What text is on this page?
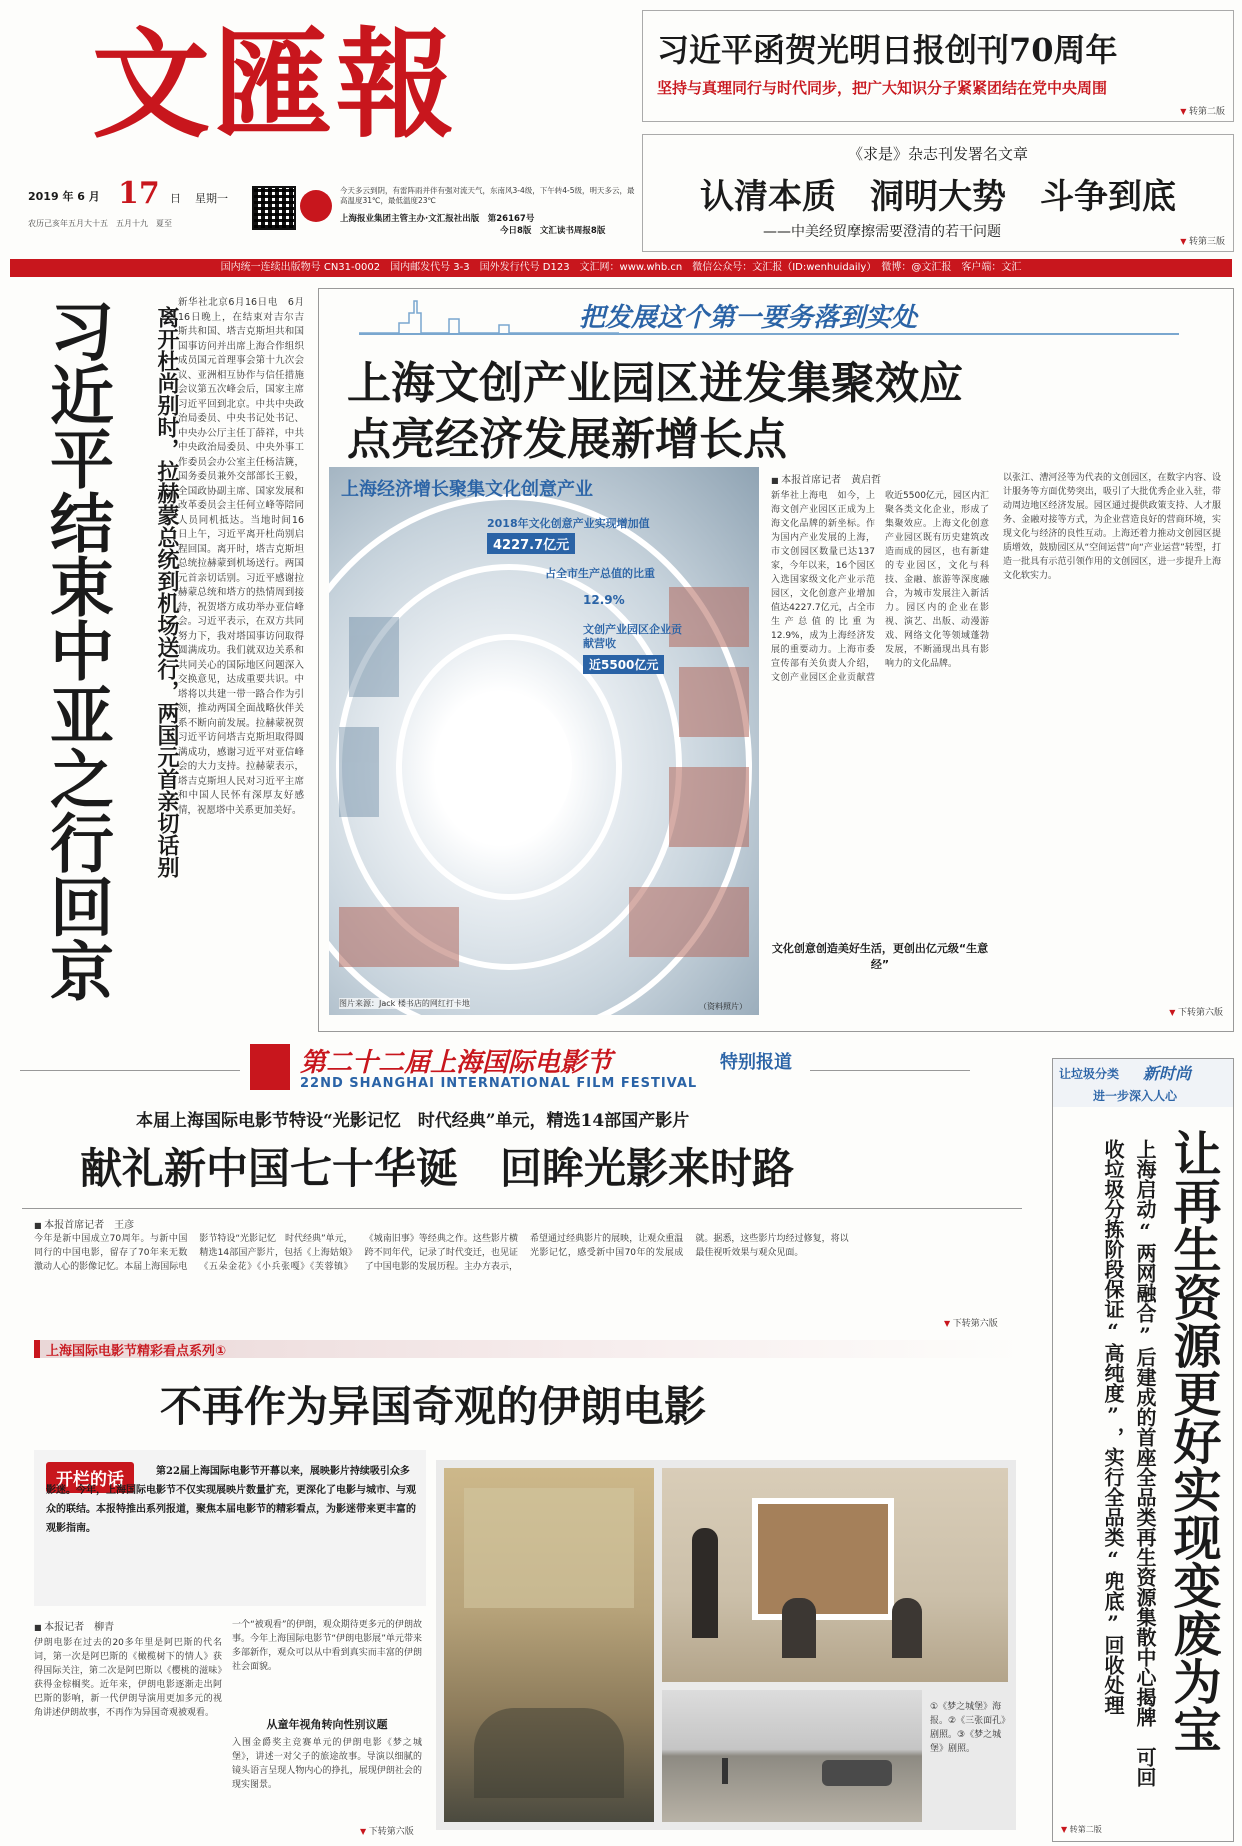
文匯報
2019 年 6 月 17 日 星期一
农历己亥年五月大十五　五月十九　夏至
今天多云到阴，有雷阵雨并伴有强对流天气，东南风3-4级，下午转4-5级，明天多云，最高温度31℃，最低温度23℃
上海报业集团主管主办·文汇报社出版　 第26167号
今日8版　文汇读书周报8版
习近平函贺光明日报创刊70周年
坚持与真理同行与时代同步，把广大知识分子紧紧团结在党中央周围
▼ 转第二版
《求是》杂志刊发署名文章
认清本质　洞明大势　斗争到底
——中美经贸摩擦需要澄清的若干问题
▼ 转第三版
国内统一连续出版物号 CN31-0002　国内邮发代号 3-3　国外发行代号 D123　文汇网：www.whb.cn　微信公众号：文汇报（ID:wenhuidaily）　微博：@文汇报　客户端：文汇
习近平结束中亚之行回京	离开杜尚别时，拉赫蒙总统到机场送行，两国元首亲切话别
新华社北京6月16日电　6月16日晚上，在结束对吉尔吉斯共和国、塔吉克斯坦共和国国事访问并出席上海合作组织成员国元首理事会第十九次会议、亚洲相互协作与信任措施会议第五次峰会后，国家主席习近平回到北京。中共中央政治局委员、中央书记处书记、中央办公厅主任丁薛祥，中共中央政治局委员、中央外事工作委员会办公室主任杨洁篪，国务委员兼外交部部长王毅，全国政协副主席、国家发展和改革委员会主任何立峰等陪同人员同机抵达。当地时间16日上午，习近平离开杜尚别启程回国。离开时，塔吉克斯坦总统拉赫蒙到机场送行。两国元首亲切话别。习近平感谢拉赫蒙总统和塔方的热情周到接待，祝贺塔方成功举办亚信峰会。习近平表示，在双方共同努力下，我对塔国事访问取得圆满成功。我们就双边关系和共同关心的国际地区问题深入交换意见，达成重要共识。中塔将以共建一带一路合作为引领，推动两国全面战略伙伴关系不断向前发展。拉赫蒙祝贺习近平访问塔吉克斯坦取得圆满成功，感谢习近平对亚信峰会的大力支持。拉赫蒙表示，塔吉克斯坦人民对习近平主席和中国人民怀有深厚友好感情，祝愿塔中关系更加美好。
把发展这个第一要务落到实处
上海文创产业园区迸发集聚效应
点亮经济发展新增长点
上海经济增长聚集文化创意产业
2018年文化创意产业实现增加值
4227.7亿元
占全市生产总值的比重
12.9%
文创产业园区企业贡献营收
近5500亿元
图片来源：Jack 楼书店的网红打卡地	（资料照片）
■ 本报首席记者　黄启哲
新华社上海电　如今，上海文创产业园区正成为上海文化品牌的新坐标。作为国内产业发展的上海，市文创园区数量已达137家，今年以来，16个园区入选国家级文化产业示范园区，文化创意产业增加值达4227.7亿元，占全市生产总值的比重为12.9%，成为上海经济发展的重要动力。上海市委宣传部有关负责人介绍，文创产业园区企业贡献营收近5500亿元，园区内汇聚各类文化企业，形成了集聚效应。上海文化创意产业园区既有历史建筑改造而成的园区，也有新建的专业园区，文化与科技、金融、旅游等深度融合，为城市发展注入新活力。园区内的企业在影视、演艺、出版、动漫游戏、网络文化等领域蓬勃发展，不断涌现出具有影响力的文化品牌。
文化创意创造美好生活，更创出亿元级“生意经”
以张江、漕河泾等为代表的文创园区，在数字内容、设计服务等方面优势突出，吸引了大批优秀企业入驻，带动周边地区经济发展。园区通过提供政策支持、人才服务、金融对接等方式，为企业营造良好的营商环境，实现文化与经济的良性互动。上海还着力推动文创园区提质增效，鼓励园区从“空间运营”向“产业运营”转型，打造一批具有示范引领作用的文创园区，进一步提升上海文化软实力。
▼ 下转第六版
第二十二届上海国际电影节
22ND SHANGHAI INTERNATIONAL FILM FESTIVAL
特别报道
本届上海国际电影节特设“光影记忆　时代经典”单元，精选14部国产影片
献礼新中国七十华诞　回眸光影来时路
■ 本报首席记者　王彦
今年是新中国成立70周年。与新中国同行的中国电影，留存了70年来无数激动人心的影像记忆。本届上海国际电影节特设“光影记忆　时代经典”单元，精选14部国产影片，包括《上海姑娘》《五朵金花》《小兵张嘎》《芙蓉镇》《城南旧事》等经典之作。这些影片横跨不同年代，记录了时代变迁，也见证了中国电影的发展历程。主办方表示，希望通过经典影片的展映，让观众重温光影记忆，感受新中国70年的发展成就。据悉，这些影片均经过修复，将以最佳视听效果与观众见面。
▼ 下转第六版
上海国际电影节精彩看点系列①
不再作为异国奇观的伊朗电影
开栏的话	第22届上海国际电影节开幕以来，展映影片持续吸引众多影迷。今年，上海国际电影节不仅实现展映片数量扩充，更深化了电影与城市、与观众的联结。本报特推出系列报道，聚焦本届电影节的精彩看点，为影迷带来更丰富的观影指南。
■ 本报记者　柳青
伊朗电影在过去的20多年里是阿巴斯的代名词，第一次是阿巴斯的《橄榄树下的情人》获得国际关注，第二次是阿巴斯以《樱桃的滋味》获得金棕榈奖。近年来，伊朗电影逐渐走出阿巴斯的影响，新一代伊朗导演用更加多元的视角讲述伊朗故事，不再作为异国奇观被观看。
一个“被观看”的伊朗，观众期待更多元的伊朗故事。今年上海国际电影节“伊朗电影展”单元带来多部新作，观众可以从中看到真实而丰富的伊朗社会面貌。
从童年视角转向性别议题
入围金爵奖主竞赛单元的伊朗电影《梦之城堡》，讲述一对父子的旅途故事。导演以细腻的镜头语言呈现人物内心的挣扎，展现伊朗社会的现实图景。
▼ 下转第六版
①《梦之城堡》海报。②《三张面孔》剧照。③《梦之城堡》剧照。
让垃圾分类 新时尚
进一步深入人心
让再生资源更好实现变废为宝
上海启动“两网融合”后建成的首座全品类再生资源集散中心揭牌　可回收垃圾分拣阶段保证“高纯度”，实行全品类“兜底”回收处理
▼ 转第二版
